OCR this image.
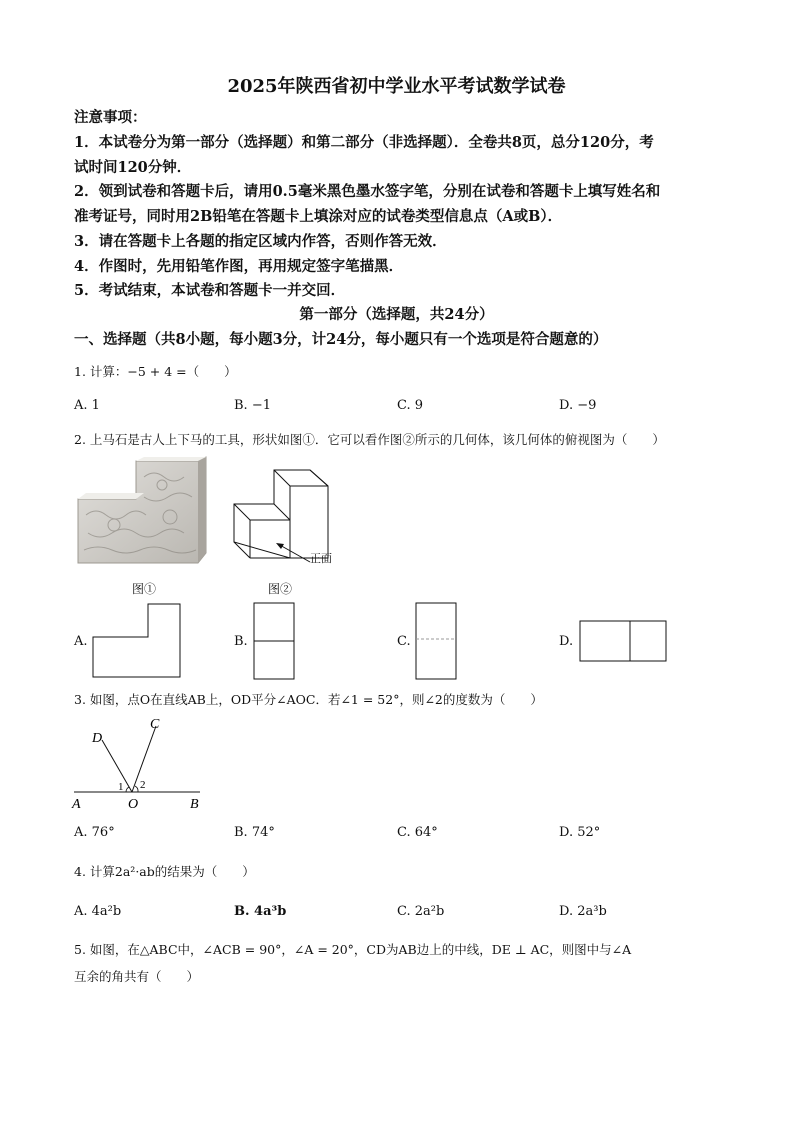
2025年陕西省初中学业水平考试数学试卷
注意事项：
1．本试卷分为第一部分（选择题）和第二部分（非选择题）．全卷共8页，总分120分，考
试时间120分钟．
2．领到试卷和答题卡后，请用0.5毫米黑色墨水签字笔，分别在试卷和答题卡上填写姓名和
准考证号，同时用2B铅笔在答题卡上填涂对应的试卷类型信息点（A或B）．
3．请在答题卡上各题的指定区域内作答，否则作答无效．
4．作图时，先用铅笔作图，再用规定签字笔描黑．
5．考试结束，本试卷和答题卡一并交回．
第一部分（选择题，共24分）
一、选择题（共8小题，每小题3分，计24分，每小题只有一个选项是符合题意的）
1. 计算：−5 + 4 =（　　）
A. 1	B. −1	C. 9	D. −9
2. 上马石是古人上下马的工具，形状如图①．它可以看作图②所示的几何体，该几何体的俯视图为（　　）
图①
正面
图②
A.	B.	C.	D.
3. 如图，点O在直线AB上，OD平分∠AOC．若∠1 = 52°，则∠2的度数为（　　）
D
C
A	O	B
1 2
A. 76°	B. 74°	C. 64°	D. 52°
4. 计算2a²·ab的结果为（　　）
A. 4a²b	B. 4a³b	C. 2a²b	D. 2a³b
5. 如图，在△ABC中，∠ACB = 90°，∠A = 20°，CD为AB边上的中线，DE ⊥ AC，则图中与∠A
互余的角共有（　　）
